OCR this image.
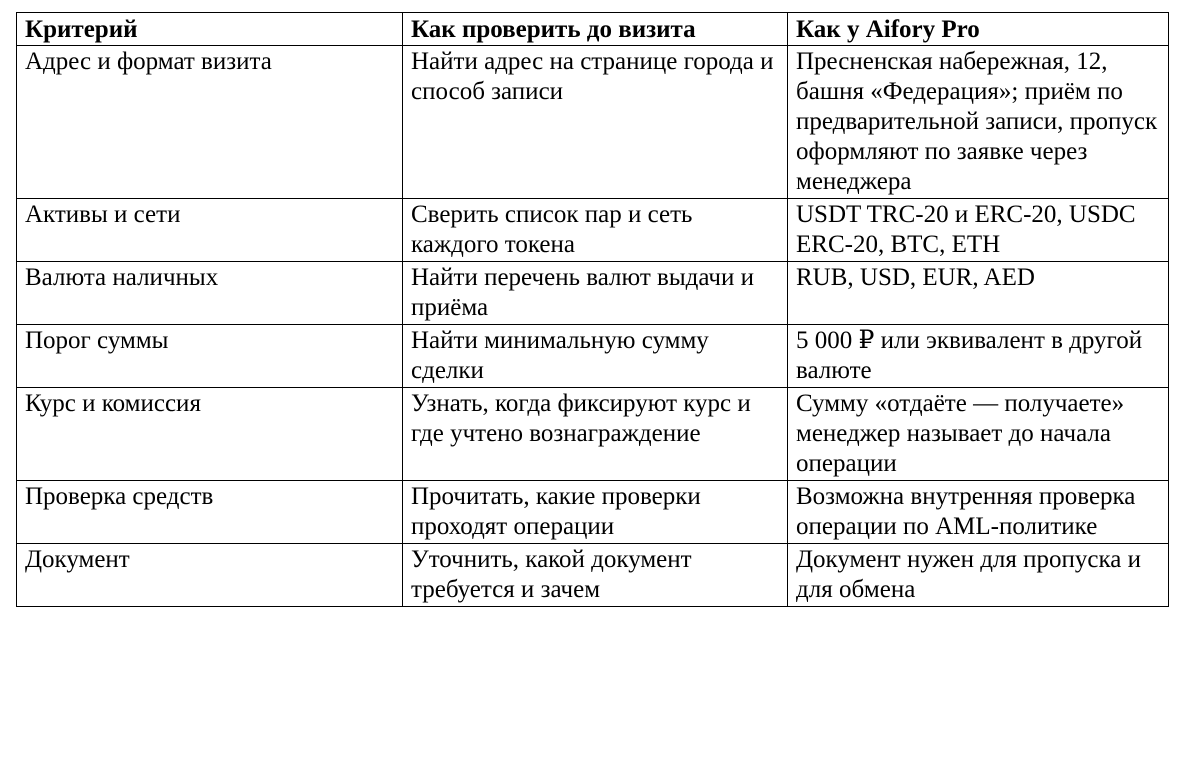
Критерий	Как проверить до визита	Как у Aifory Pro
Адрес и формат визита	Найти адрес на странице города и способ записи	Пресненская набережная, 12, башня «Федерация»; приём по предварительной записи, пропуск оформляют по заявке через менеджера
Активы и сети	Сверить список пар и сеть каждого токена	USDT TRC-20 и ERC-20, USDC ERC-20, BTC, ETH
Валюта наличных	Найти перечень валют выдачи и приёма	RUB, USD, EUR, AED
Порог суммы	Найти минимальную сумму сделки	5 000 ₽ или эквивалент в другой валюте
Курс и комиссия	Узнать, когда фиксируют курс и где учтено вознаграждение	Сумму «отдаёте — получаете» менеджер называет до начала операции
Проверка средств	Прочитать, какие проверки проходят операции	Возможна внутренняя проверка операции по AML-политике
Документ	Уточнить, какой документ требуется и зачем	Документ нужен для пропуска и для обмена
